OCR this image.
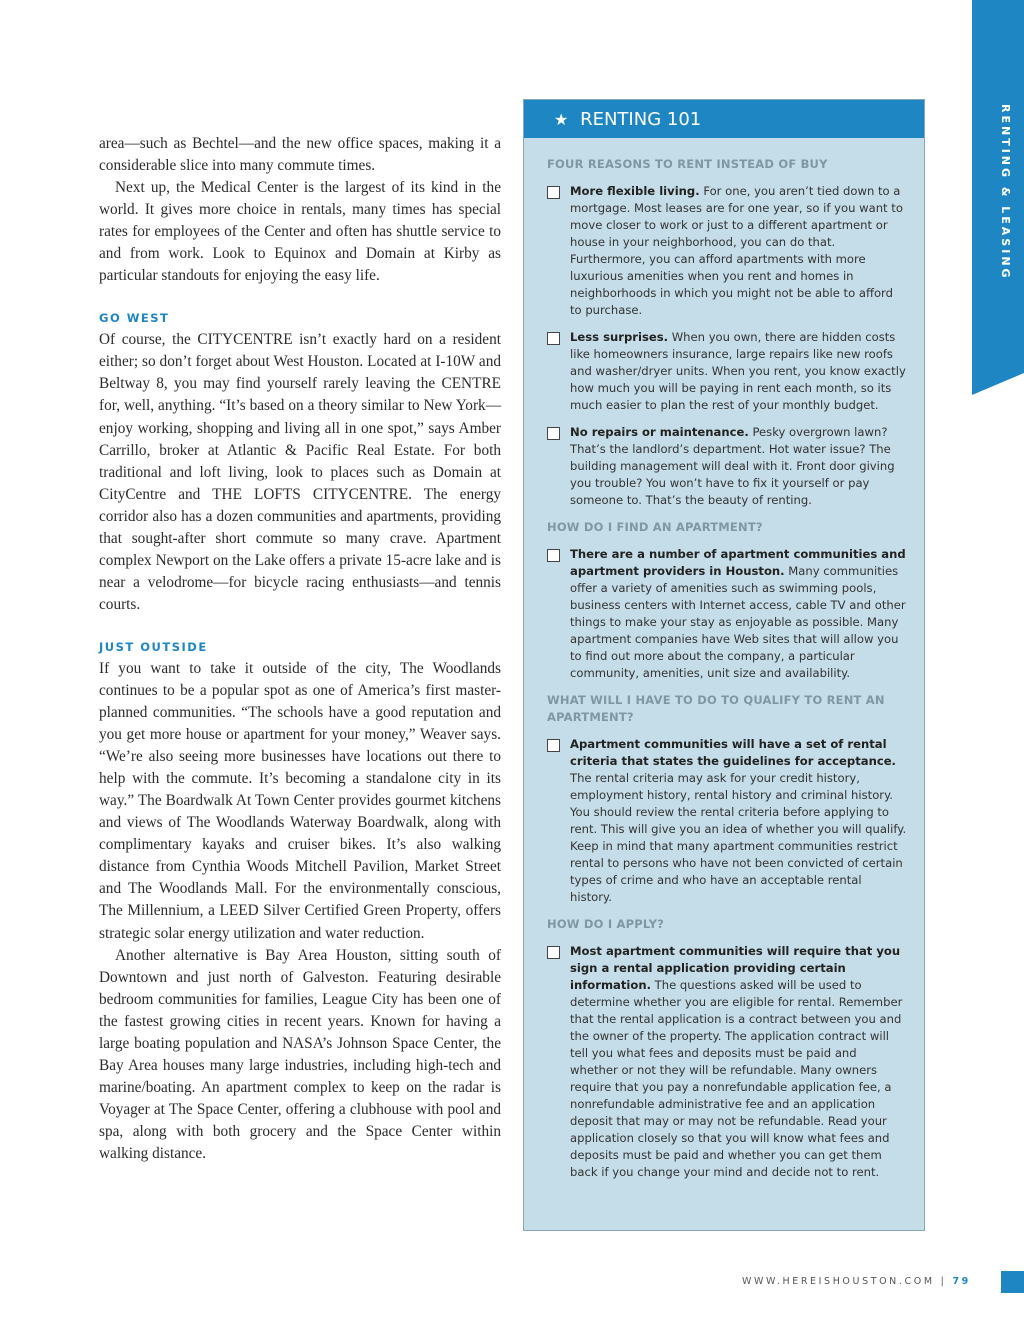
RENTING & LEASING

area—such as Bechtel—and the new office spaces, making it a considerable slice into many commute times.

Next up, the Medical Center is the largest of its kind in the world. It gives more choice in rentals, many times has special rates for employees of the Center and often has shuttle service to and from work. Look to Equinox and Domain at Kirby as particular standouts for enjoying the easy life.

GO WEST

Of course, the CITYCENTRE isn’t exactly hard on a resident either; so don’t forget about West Houston. Located at I-10W and Beltway 8, you may find yourself rarely leaving the CENTRE for, well, anything. “It’s based on a theory similar to New York—enjoy working, shopping and living all in one spot,” says Amber Carrillo, broker at Atlantic & Pacific Real Estate. For both traditional and loft living, look to places such as Domain at CityCentre and THE LOFTS CITYCENTRE. The energy corridor also has a dozen communities and apartments, providing that sought-after short commute so many crave. Apartment complex Newport on the Lake offers a private 15-acre lake and is near a velodrome—for bicycle racing enthusiasts—and tennis courts.

JUST OUTSIDE

If you want to take it outside of the city, The Woodlands continues to be a popular spot as one of America’s first master-planned communities. “The schools have a good reputation and you get more house or apartment for your money,” Weaver says. “We’re also seeing more businesses have locations out there to help with the commute. It’s becoming a standalone city in its way.” The Boardwalk At Town Center provides gourmet kitchens and views of The Woodlands Waterway Boardwalk, along with complimentary kayaks and cruiser bikes. It’s also walking distance from Cynthia Woods Mitchell Pavilion, Market Street and The Woodlands Mall. For the environmentally conscious, The Millennium, a LEED Silver Certified Green Property, offers strategic solar energy utilization and water reduction.

Another alternative is Bay Area Houston, sitting south of Downtown and just north of Galveston. Featuring desirable bedroom communities for families, League City has been one of the fastest growing cities in recent years. Known for having a large boating population and NASA’s Johnson Space Center, the Bay Area houses many large industries, including high-tech and marine/boating. An apartment complex to keep on the radar is Voyager at The Space Center, offering a clubhouse with pool and spa, along with both grocery and the Space Center within walking distance.

★ RENTING 101
FOUR REASONS TO RENT INSTEAD OF BUY
More flexible living. For one, you aren’t tied down to a mortgage. Most leases are for one year, so if you want to move closer to work or just to a different apartment or house in your neighborhood, you can do that. Furthermore, you can afford apartments with more luxurious amenities when you rent and homes in neighborhoods in which you might not be able to afford to purchase.
Less surprises. When you own, there are hidden costs like homeowners insurance, large repairs like new roofs and washer/dryer units. When you rent, you know exactly how much you will be paying in rent each month, so its much easier to plan the rest of your monthly budget.
No repairs or maintenance. Pesky overgrown lawn? That’s the landlord’s department. Hot water issue? The building management will deal with it. Front door giving you trouble? You won’t have to fix it yourself or pay someone to. That’s the beauty of renting.
HOW DO I FIND AN APARTMENT?
There are a number of apartment communities and apartment providers in Houston. Many communities offer a variety of amenities such as swimming pools, business centers with Internet access, cable TV and other things to make your stay as enjoyable as possible. Many apartment companies have Web sites that will allow you to find out more about the company, a particular community, amenities, unit size and availability.
WHAT WILL I HAVE TO DO TO QUALIFY TO RENT AN APARTMENT?
Apartment communities will have a set of rental criteria that states the guidelines for acceptance. The rental criteria may ask for your credit history, employment history, rental history and criminal history. You should review the rental criteria before applying to rent. This will give you an idea of whether you will qualify. Keep in mind that many apartment communities restrict rental to persons who have not been convicted of certain types of crime and who have an acceptable rental history.
HOW DO I APPLY?
Most apartment communities will require that you sign a rental application providing certain information. The questions asked will be used to determine whether you are eligible for rental. Remember that the rental application is a contract between you and the owner of the property. The application contract will tell you what fees and deposits must be paid and whether or not they will be refundable. Many owners require that you pay a nonrefundable application fee, a nonrefundable administrative fee and an application deposit that may or may not be refundable. Read your application closely so that you will know what fees and deposits must be paid and whether you can get them back if you change your mind and decide not to rent.
WWW.HEREISHOUSTON.COM | 79
